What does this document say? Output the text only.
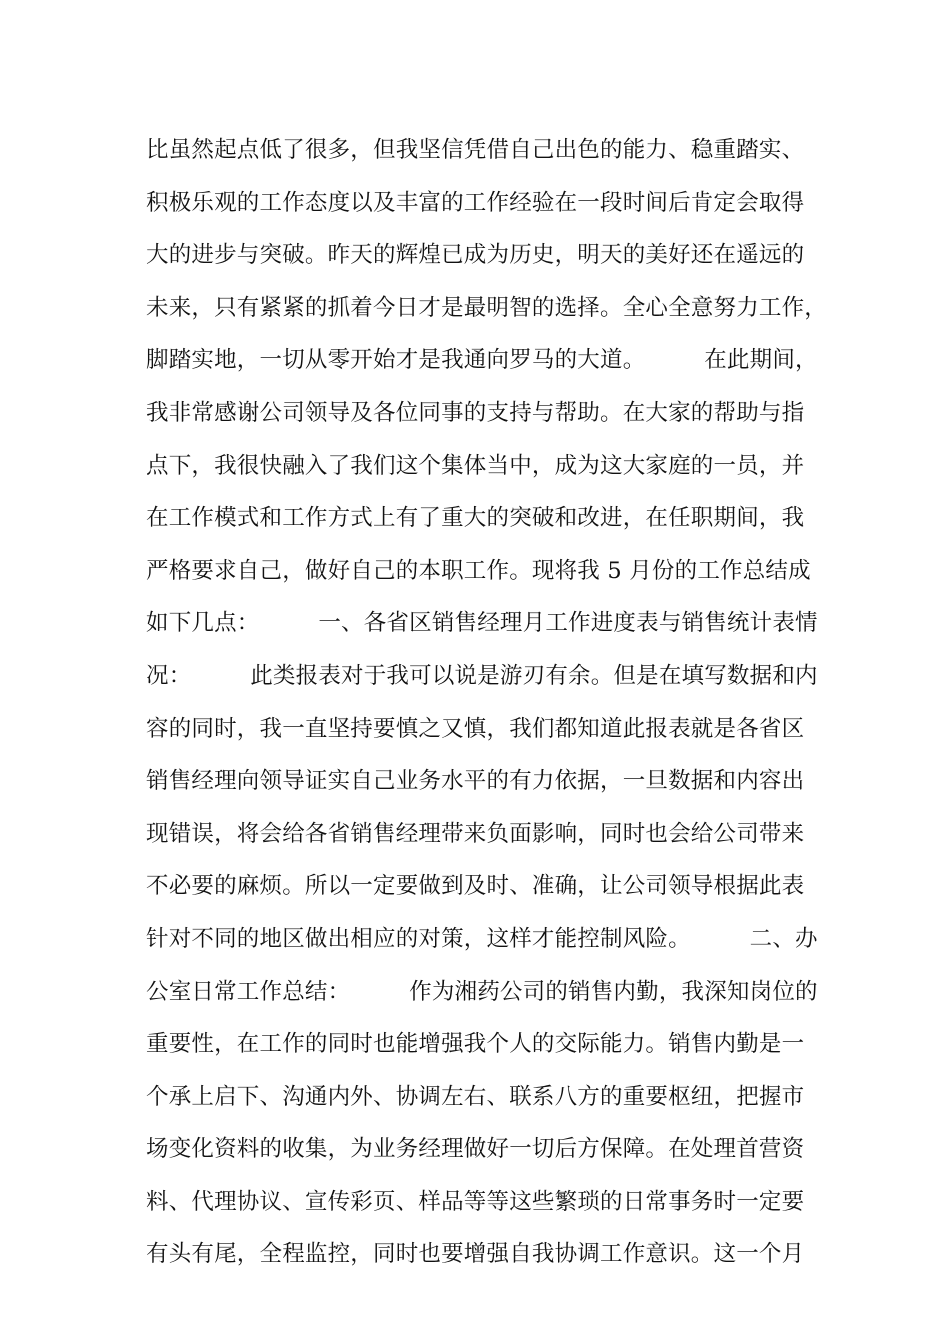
比虽然起点低了很多，但我坚信凭借自己出色的能力、稳重踏实、
积极乐观的工作态度以及丰富的工作经验在一段时间后肯定会取得
大的进步与突破。昨天的辉煌已成为历史，明天的美好还在遥远的
未来，只有紧紧的抓着今日才是最明智的选择。全心全意努力工作，
脚踏实地，一切从零开始才是我通向罗马的大道。        在此期间，
我非常感谢公司领导及各位同事的支持与帮助。在大家的帮助与指
点下，我很快融入了我们这个集体当中，成为这大家庭的一员，并
在工作模式和工作方式上有了重大的突破和改进，在任职期间，我
严格要求自己，做好自己的本职工作。现将我 5 月份的工作总结成
如下几点：        一、各省区销售经理月工作进度表与销售统计表情
况：        此类报表对于我可以说是游刃有余。但是在填写数据和内
容的同时，我一直坚持要慎之又慎，我们都知道此报表就是各省区
销售经理向领导证实自己业务水平的有力依据，一旦数据和内容出
现错误，将会给各省销售经理带来负面影响，同时也会给公司带来
不必要的麻烦。所以一定要做到及时、准确，让公司领导根据此表
针对不同的地区做出相应的对策，这样才能控制风险。        二、办
公室日常工作总结：        作为湘药公司的销售内勤，我深知岗位的
重要性，在工作的同时也能增强我个人的交际能力。销售内勤是一
个承上启下、沟通内外、协调左右、联系八方的重要枢纽，把握市
场变化资料的收集，为业务经理做好一切后方保障。在处理首营资
料、代理协议、宣传彩页、样品等等这些繁琐的日常事务时一定要
有头有尾，全程监控，同时也要增强自我协调工作意识。这一个月
